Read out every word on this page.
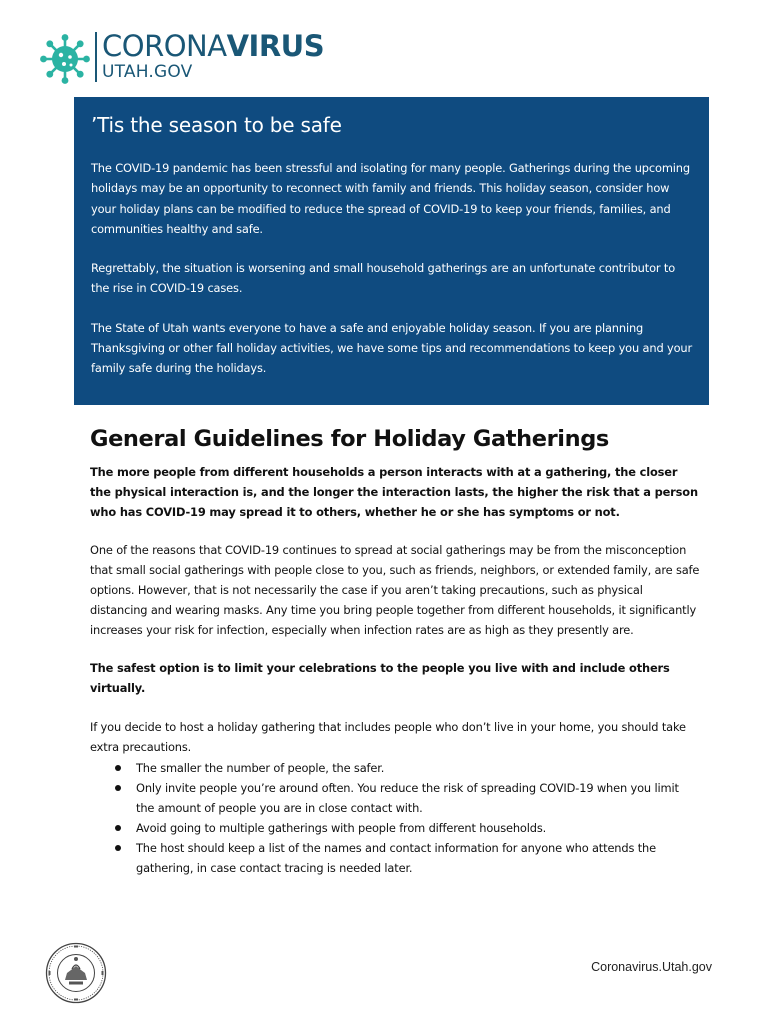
CORONAVIRUS
UTAH.GOV
’Tis the season to be safe

The COVID-19 pandemic has been stressful and isolating for many people. Gatherings during the upcoming holidays may be an opportunity to reconnect with family and friends. This holiday season, consider how your holiday plans can be modified to reduce the spread of COVID-19 to keep your friends, families, and communities healthy and safe.

Regrettably, the situation is worsening and small household gatherings are an unfortunate contributor to the rise in COVID-19 cases.

The State of Utah wants everyone to have a safe and enjoyable holiday season. If you are planning Thanksgiving or other fall holiday activities, we have some tips and recommendations to keep you and your family safe during the holidays.

General Guidelines for Holiday Gatherings

The more people from different households a person interacts with at a gathering, the closer the physical interaction is, and the longer the interaction lasts, the higher the risk that a person who has COVID-19 may spread it to others, whether he or she has symptoms or not.

One of the reasons that COVID-19 continues to spread at social gatherings may be from the misconception that small social gatherings with people close to you, such as friends, neighbors, or extended family, are safe options. However, that is not necessarily the case if you aren’t taking precautions, such as physical distancing and wearing masks. Any time you bring people together from different households, it significantly increases your risk for infection, especially when infection rates are as high as they presently are.

The safest option is to limit your celebrations to the people you live with and include others virtually.

If you decide to host a holiday gathering that includes people who don’t live in your home, you should take extra precautions.

The smaller the number of people, the safer.
Only invite people you’re around often. You reduce the risk of spreading COVID-19 when you limit the amount of people you are in close contact with.
Avoid going to multiple gatherings with people from different households.
The host should keep a list of the names and contact information for anyone who attends the gathering, in case contact tracing is needed later.
Coronavirus.Utah.gov
